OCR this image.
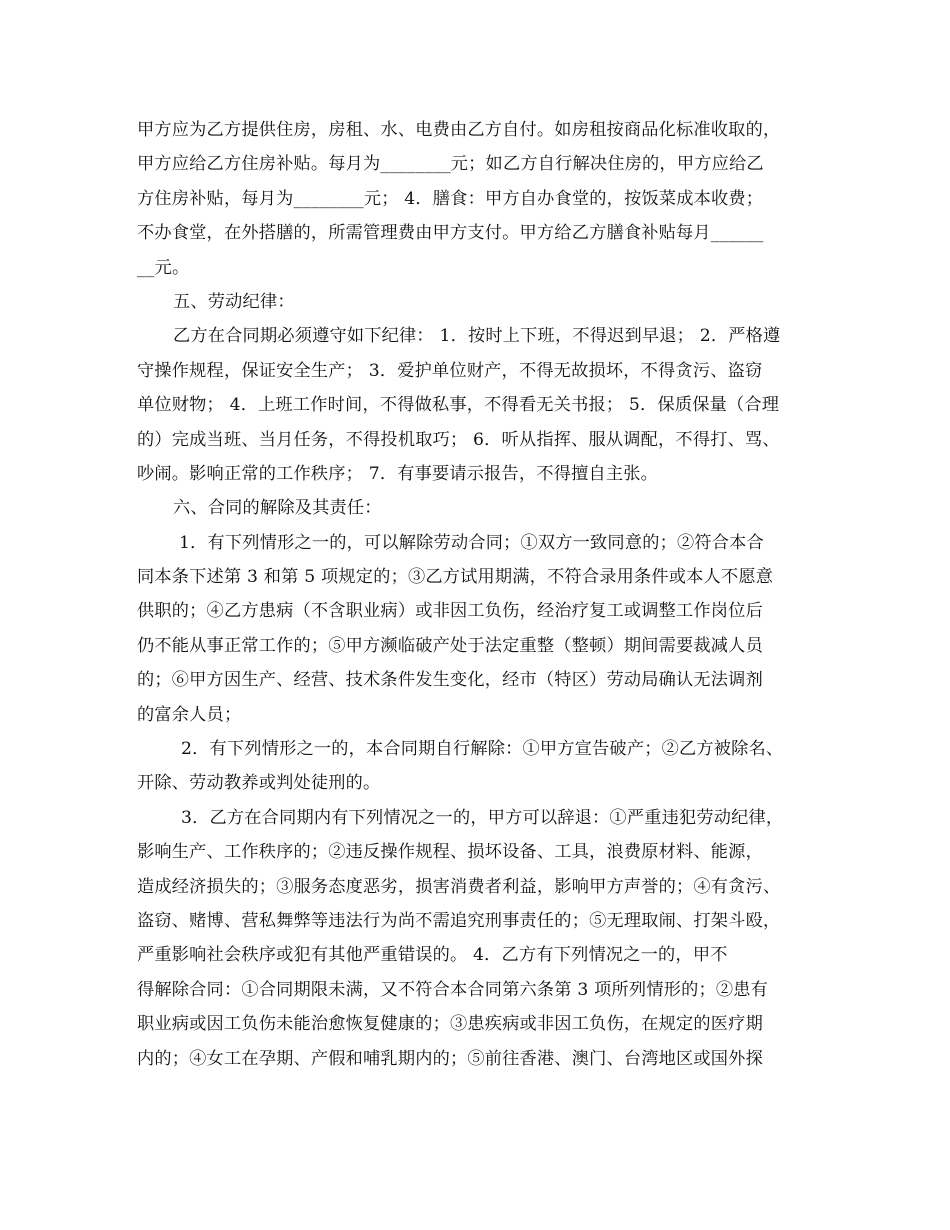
甲方应为乙方提供住房，房租、水、电费由乙方自付。如房租按商品化标准收取的，
甲方应给乙方住房补贴。每月为________元；如乙方自行解决住房的，甲方应给乙
方住房补贴，每月为________元； 4．膳食：甲方自办食堂的，按饭菜成本收费；
不办食堂，在外搭膳的，所需管理费由甲方支付。甲方给乙方膳食补贴每月______
__元。
五、劳动纪律：
乙方在合同期必须遵守如下纪律： 1．按时上下班，不得迟到早退； 2．严格遵
守操作规程，保证安全生产； 3．爱护单位财产，不得无故损坏，不得贪污、盗窃
单位财物； 4．上班工作时间，不得做私事，不得看无关书报； 5．保质保量（合理
的）完成当班、当月任务，不得投机取巧； 6．听从指挥、服从调配，不得打、骂、
吵闹。影响正常的工作秩序； 7．有事要请示报告，不得擅自主张。
六、合同的解除及其责任：
1．有下列情形之一的，可以解除劳动合同；①双方一致同意的；②符合本合
同本条下述第 3 和第 5 项规定的；③乙方试用期满，不符合录用条件或本人不愿意
供职的；④乙方患病（不含职业病）或非因工负伤，经治疗复工或调整工作岗位后
仍不能从事正常工作的；⑤甲方濒临破产处于法定重整（整顿）期间需要裁减人员
的；⑥甲方因生产、经营、技术条件发生变化，经市（特区）劳动局确认无法调剂
的富余人员；
2．有下列情形之一的，本合同期自行解除：①甲方宣告破产；②乙方被除名、
开除、劳动教养或判处徒刑的。
3．乙方在合同期内有下列情况之一的，甲方可以辞退：①严重违犯劳动纪律，
影响生产、工作秩序的；②违反操作规程、损坏设备、工具，浪费原材料、能源，
造成经济损失的；③服务态度恶劣，损害消费者利益，影响甲方声誉的；④有贪污、
盗窃、赌博、营私舞弊等违法行为尚不需追究刑事责任的；⑤无理取闹、打架斗殴，
严重影响社会秩序或犯有其他严重错误的。 4．乙方有下列情况之一的，甲不
得解除合同：①合同期限未满，又不符合本合同第六条第 3 项所列情形的；②患有
职业病或因工负伤未能治愈恢复健康的；③患疾病或非因工负伤，在规定的医疗期
内的；④女工在孕期、产假和哺乳期内的；⑤前往香港、澳门、台湾地区或国外探
